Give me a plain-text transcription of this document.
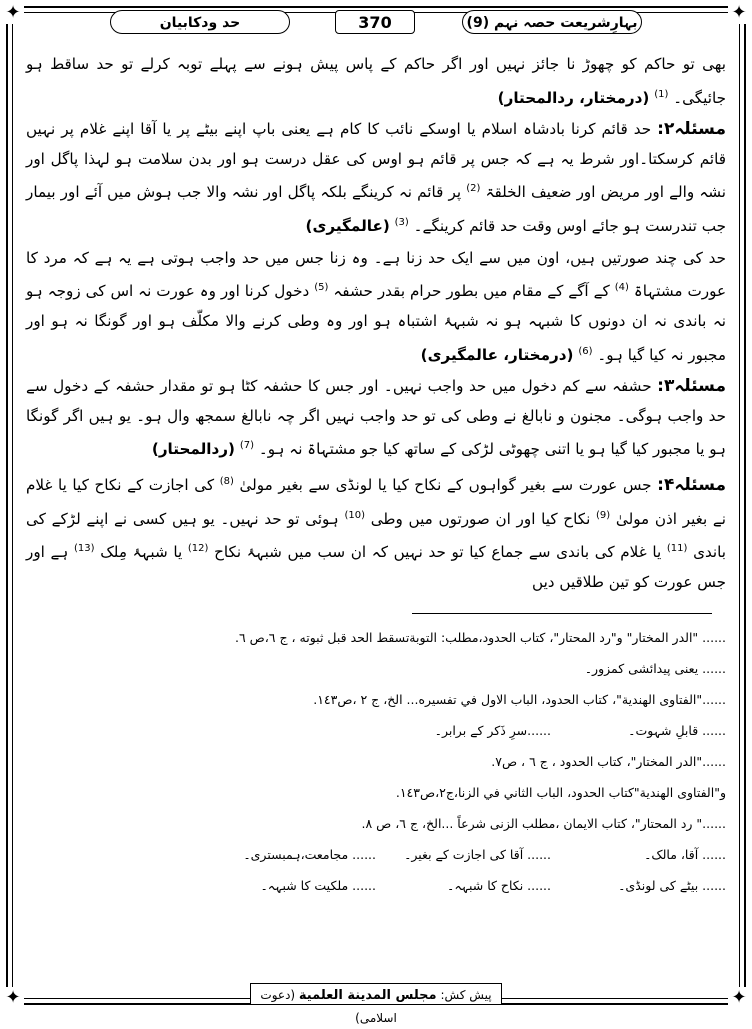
✦	✦
✦	✦
بہارِشریعت حصہ نہم (9)
370
حد ودکابیان

بھی تو حاکم کو چھوڑ نا جائز نہیں اور اگر حاکم کے پاس پیش ہونے سے پہلے توبہ کرلے تو حد ساقط ہو جائیگی۔ $^{(1)}$ (درمختار، ردالمحتار)

مسئلہ۲: حد قائم کرنا بادشاہ اسلام یا اوسکے نائب کا کام ہے یعنی باپ اپنے بیٹے پر یا آقا اپنے غلام پر نہیں قائم کرسکتا۔اور شرط یہ ہے کہ جس پر قائم ہو اوس کی عقل درست ہو اور بدن سلامت ہو لہذا پاگل اور نشہ والے اور مریض اور ضعیف الخلقۃ $^{(2)}$ پر قائم نہ کرینگے بلکہ پاگل اور نشہ والا جب ہوش میں آئے اور بیمار جب تندرست ہو جائے اوس وقت حد قائم کرینگے۔ $^{(3)}$ (عالمگیری)

حد کی چند صورتیں ہیں، اون میں سے ایک حد زنا ہے۔ وہ زنا جس میں حد واجب ہوتی ہے یہ ہے کہ مرد کا عورت مشتہاۃ $^{(4)}$ کے آگے کے مقام میں بطور حرام بقدر حشفہ $^{(5)}$ دخول کرنا اور وہ عورت نہ اس کی زوجہ ہو نہ باندی نہ ان دونوں کا شبہہ ہو نہ شبہۂ اشتباہ ہو اور وہ وطی کرنے والا مکلّف ہو اور گونگا نہ ہو اور مجبور نہ کیا گیا ہو۔ $^{(6)}$ (درمختار، عالمگیری)

مسئلہ۳: حشفہ سے کم دخول میں حد واجب نہیں۔ اور جس کا حشفہ کٹا ہو تو مقدار حشفہ کے دخول سے حد واجب ہوگی۔ مجنون و نابالغ نے وطی کی تو حد واجب نہیں اگر چہ نابالغ سمجھ وال ہو۔ یو ہیں اگر گونگا ہو یا مجبور کیا گیا ہو یا اتنی چھوٹی لڑکی کے ساتھ کیا جو مشتہاۃ نہ ہو۔ $^{(7)}$ (ردالمحتار)

مسئلہ۴: جس عورت سے بغیر گواہوں کے نکاح کیا یا لونڈی سے بغیر مولیٰ $^{(8)}$ کی اجازت کے نکاح کیا یا غلام نے بغیر اذن مولیٰ $^{(9)}$ نکاح کیا اور ان صورتوں میں وطی $^{(10)}$ ہوئی تو حد نہیں۔ یو ہیں کسی نے اپنے لڑکے کی باندی $^{(11)}$ یا غلام کی باندی سے جماع کیا تو حد نہیں کہ ان سب میں شبہۂ نکاح $^{(12)}$ یا شبہۂ مِلک $^{(13)}$ ہے اور جس عورت کو تین طلاقیں دیں

...... "الدر المختار" و"رد المحتار"، كتاب الحدود،مطلب: التوبةتسقط الحد قبل ثبوته ، ج ٦،ص ٦.
...... یعنی پیدائشی کمزور۔
......"الفتاوى الهندية"، كتاب الحدود، الباب الاول في تفسيره... الخ، ج ٢ ،ص١٤٣.
...... قابلِ شہوت۔
......سرِ ذَکر کے برابر۔
......"الدر المختار"، كتاب الحدود ، ج ٦ ، ص٧.
و"الفتاوى الهندية"كتاب الحدود، الباب الثاني في الزنا،ج٢،ص١٤٣.
......" رد المحتار"، كتاب الايمان ،مطلب الزنى شرعاً ...الخ، ج ٦، ص ٨.
...... آقا، مالک۔
...... آقا کی اجازت کے بغیر۔
...... مجامعت،ہمبستری۔
...... بیٹے کی لونڈی۔
...... نکاح کا شبہہ۔
...... ملکیت کا شبہہ۔
پیش کش: مجلس المدينة العلمية (دعوت اسلامی)
